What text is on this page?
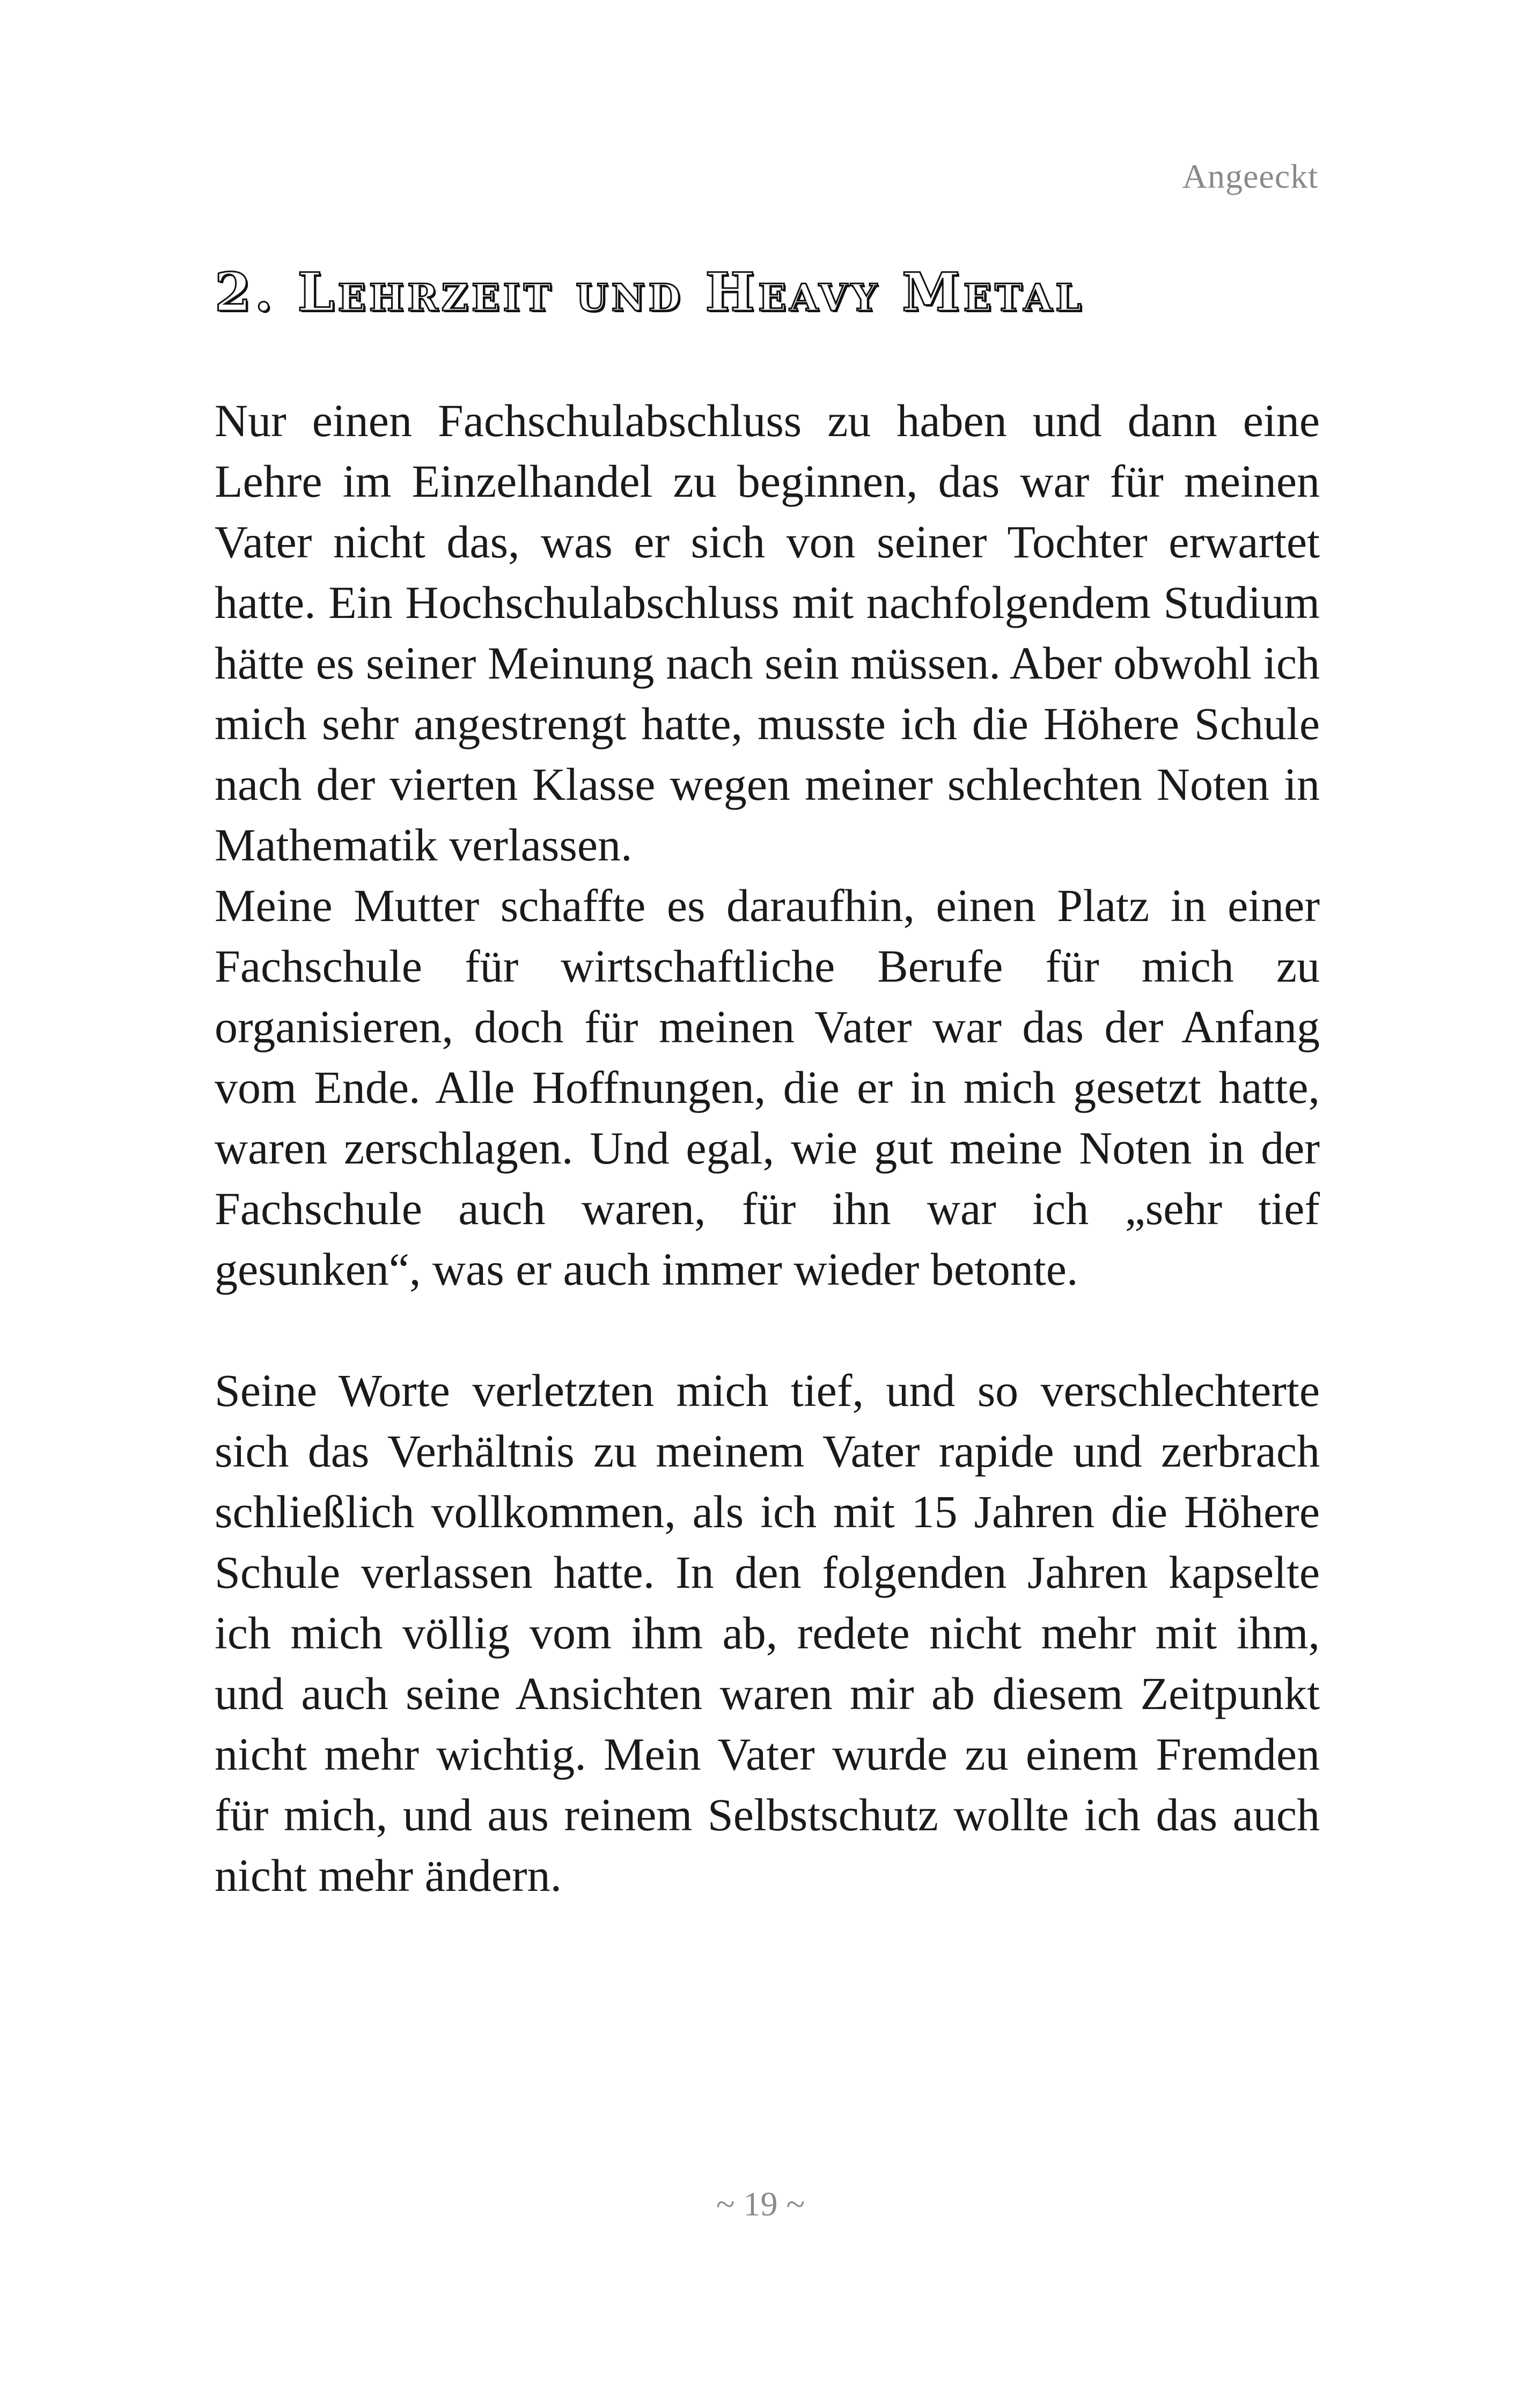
Angeeckt
2. Lehrzeit und Heavy Metal

Nur einen Fachschulabschluss zu haben und dann eine Lehre im Einzelhandel zu beginnen, das war für meinen Vater nicht das, was er sich von seiner Tochter erwartet hatte. Ein Hochschulabschluss mit nachfolgendem Studium hätte es seiner Meinung nach sein müssen. Aber obwohl ich mich sehr angestrengt hatte, musste ich die Höhere Schule nach der vierten Klasse wegen meiner schlechten Noten in Mathematik verlassen.

Meine Mutter schaffte es daraufhin, einen Platz in einer Fachschule für wirtschaftliche Berufe für mich zu organisieren, doch für meinen Vater war das der Anfang vom Ende. Alle Hoffnungen, die er in mich gesetzt hatte, waren zerschlagen. Und egal, wie gut meine Noten in der Fachschule auch waren, für ihn war ich „sehr tief gesunken“, was er auch immer wieder betonte.

Seine Worte verletzten mich tief, und so verschlechterte sich das Verhältnis zu meinem Vater rapide und zerbrach schließlich vollkommen, als ich mit 15 Jahren die Höhere Schule verlassen hatte. In den folgenden Jahren kapselte ich mich völlig vom ihm ab, redete nicht mehr mit ihm, und auch seine Ansichten waren mir ab diesem Zeitpunkt nicht mehr wichtig. Mein Vater wurde zu einem Fremden für mich, und aus reinem Selbstschutz wollte ich das auch nicht mehr ändern.

~ 19 ~
